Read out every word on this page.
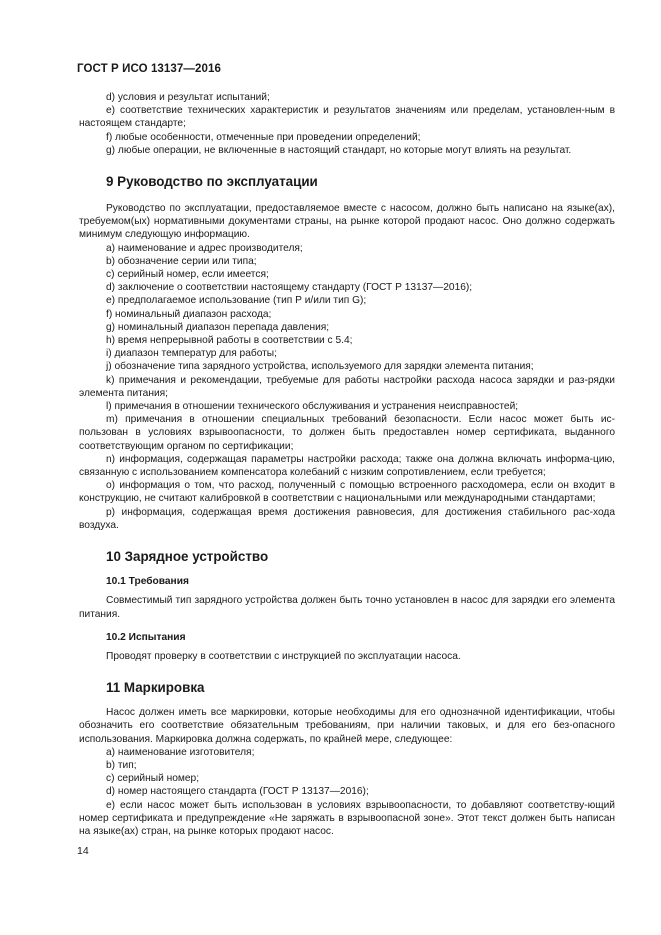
ГОСТ Р ИСО 13137—2016

d) условия и результат испытаний;

e) соответствие технических характеристик и результатов значениям или пределам, установлен-ным в настоящем стандарте;

f) любые особенности, отмеченные при проведении определений;

g) любые операции, не включенные в настоящий стандарт, но которые могут влиять на результат.

9 Руководство по эксплуатации

Руководство по эксплуатации, предоставляемое вместе с насосом, должно быть написано на языке(ах), требуемом(ых) нормативными документами страны, на рынке которой продают насос. Оно должно содержать минимум следующую информацию.

a) наименование и адрес производителя;

b) обозначение серии или типа;

c) серийный номер, если имеется;

d) заключение о соответствии настоящему стандарту (ГОСТ Р 13137—2016);

e) предполагаемое использование (тип Р и/или тип G);

f) номинальный диапазон расхода;

g) номинальный диапазон перепада давления;

h) время непрерывной работы в соответствии с 5.4;

i) диапазон температур для работы;

j) обозначение типа зарядного устройства, используемого для зарядки элемента питания;

k) примечания и рекомендации, требуемые для работы настройки расхода насоса зарядки и раз-рядки элемента питания;

l) примечания в отношении технического обслуживания и устранения неисправностей;

m) примечания в отношении специальных требований безопасности. Если насос может быть ис-пользован в условиях взрывоопасности, то должен быть предоставлен номер сертификата, выданного соответствующим органом по сертификации;

n) информация, содержащая параметры настройки расхода; также она должна включать информа-цию, связанную с использованием компенсатора колебаний с низким сопротивлением, если требуется;

o) информация о том, что расход, полученный с помощью встроенного расходомера, если он входит в конструкцию, не считают калибровкой в соответствии с национальными или международными стандартами;

p) информация, содержащая время достижения равновесия, для достижения стабильного рас-хода воздуха.

10 Зарядное устройство

10.1 Требования

Совместимый тип зарядного устройства должен быть точно установлен в насос для зарядки его элемента питания.

10.2 Испытания

Проводят проверку в соответствии с инструкцией по эксплуатации насоса.

11 Маркировка

Насос должен иметь все маркировки, которые необходимы для его однозначной идентификации, чтобы обозначить его соответствие обязательным требованиям, при наличии таковых, и для его без-опасного использования. Маркировка должна содержать, по крайней мере, следующее:

a) наименование изготовителя;

b) тип;

c) серийный номер;

d) номер настоящего стандарта (ГОСТ Р 13137—2016);

e) если насос может быть использован в условиях взрывоопасности, то добавляют соответству-ющий номер сертификата и предупреждение «Не заряжать в взрывоопасной зоне». Этот текст должен быть написан на языке(ах) стран, на рынке которых продают насос.

14
